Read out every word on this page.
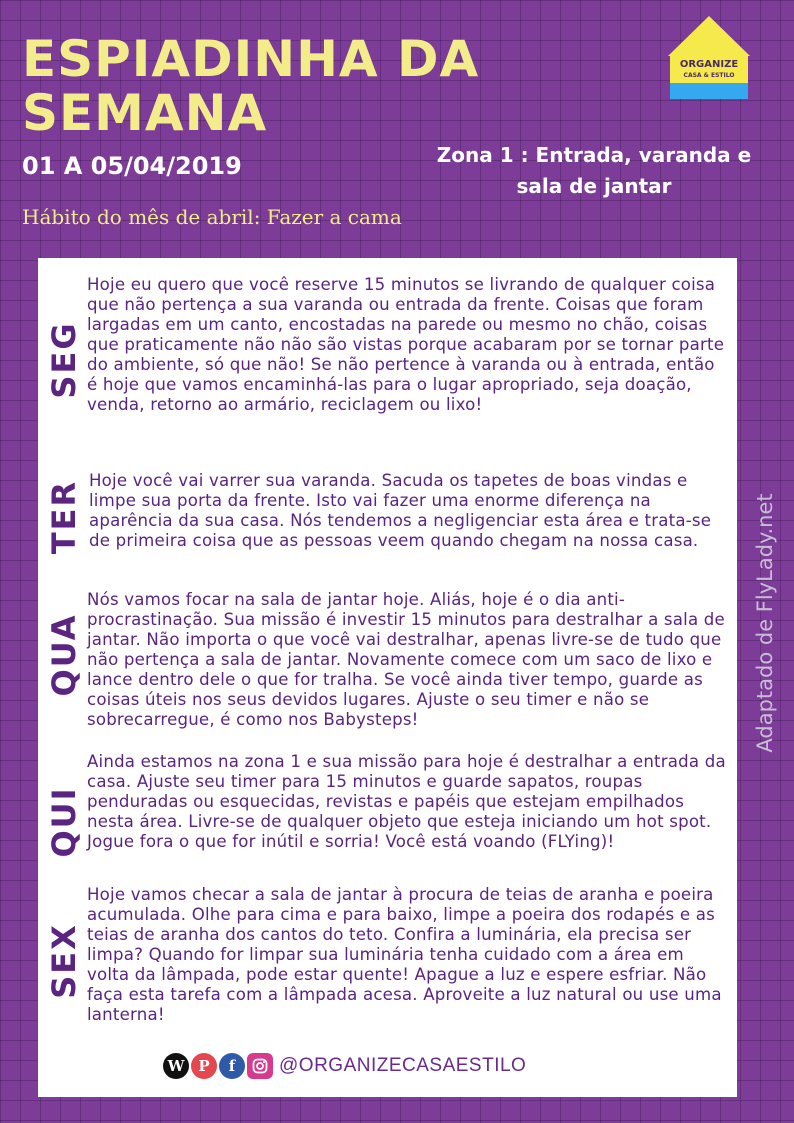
ESPIADINHA DA
SEMANA
01 A 05/04/2019	Zona 1 : Entrada, varanda e
sala de jantar
Hábito do mês de abril: Fazer a cama
ORGANIZE
CASA & ESTILO
Adaptado de FlyLady.net
SEG

Hoje eu quero que você reserve 15 minutos se livrando de qualquer coisa que não pertença a sua varanda ou entrada da frente. Coisas que foram largadas em um canto, encostadas na parede ou mesmo no chão, coisas que praticamente não não são vistas porque acabaram por se tornar parte do ambiente, só que não! Se não pertence à varanda ou à entrada, então é hoje que vamos encaminhá-las para o lugar apropriado, seja doação, venda, retorno ao armário, reciclagem ou lixo!

TER Hoje você vai varrer sua varanda. Sacuda os tapetes de boas vindas e limpe sua porta da frente. Isto vai fazer uma enorme diferença na aparência da sua casa. Nós tendemos a negligenciar esta área e trata-se de primeira coisa que as pessoas veem quando chegam na nossa casa.

QUA

Nós vamos focar na sala de jantar hoje. Aliás, hoje é o dia anti-procrastinação. Sua missão é investir 15 minutos para destralhar a sala de jantar. Não importa o que você vai destralhar, apenas livre-se de tudo que não pertença a sala de jantar. Novamente comece com um saco de lixo e lance dentro dele o que for tralha. Se você ainda tiver tempo, guarde as coisas úteis nos seus devidos lugares. Ajuste o seu timer e não se sobrecarregue, é como nos Babysteps!

QUI

Ainda estamos na zona 1 e sua missão para hoje é destralhar a entrada da casa. Ajuste seu timer para 15 minutos e guarde sapatos, roupas penduradas ou esquecidas, revistas e papéis que estejam empilhados nesta área. Livre-se de qualquer objeto que esteja iniciando um hot spot. Jogue fora o que for inútil e sorria! Você está voando (FLYing)!

SEX

Hoje vamos checar a sala de jantar à procura de teias de aranha e poeira acumulada. Olhe para cima e para baixo, limpe a poeira dos rodapés e as teias de aranha dos cantos do teto. Confira a luminária, ela precisa ser limpa? Quando for limpar sua luminária tenha cuidado com a área em volta da lâmpada, pode estar quente! Apague a luz e espere esfriar. Não faça esta tarefa com a lâmpada acesa. Aproveite a luz natural ou use uma lanterna!

W P	f	@ORGANIZECASAESTILO
